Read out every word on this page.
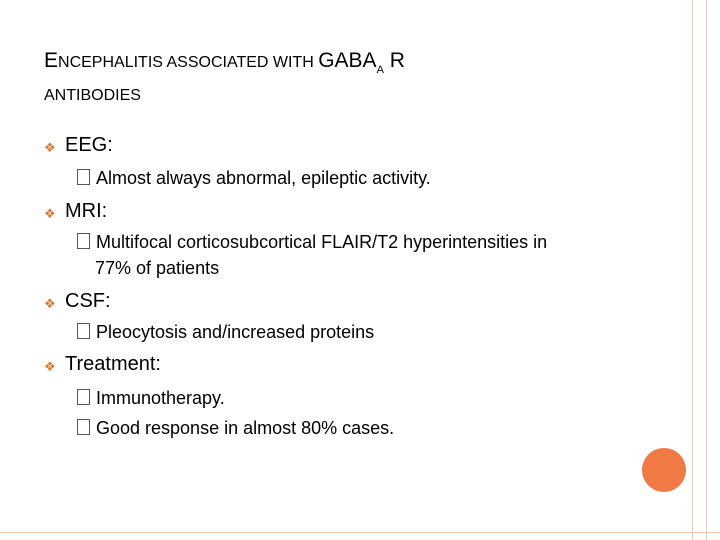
ENCEPHALITIS ASSOCIATED WITH $GABA_A$ R
ANTIBODIES
❖ EEG:
Almost always abnormal, epileptic activity.
❖ MRI:
Multifocal corticosubcortical FLAIR/T2 hyperintensities in
77% of patients
❖ CSF:
Pleocytosis and/increased proteins
❖ Treatment:
Immunotherapy.
Good response in almost 80% cases.
